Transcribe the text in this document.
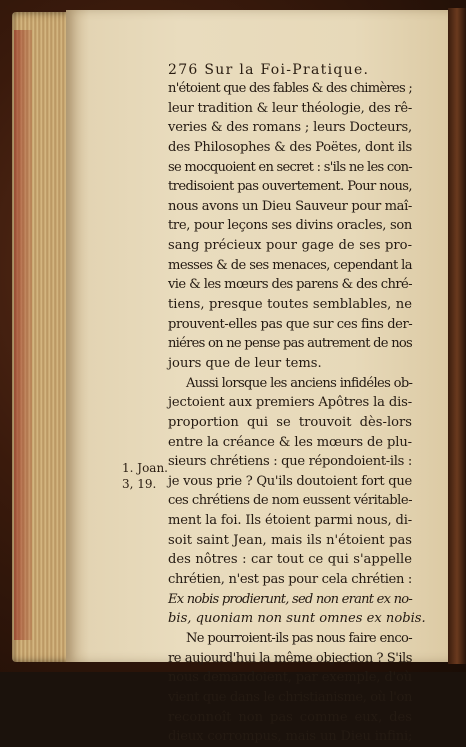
276 Sur la Foi-Pratique.
1. Joan.
3, 19.
n'étoient que des fables & des chimères ;
leur tradition & leur théologie, des rê-
veries & des romans ; leurs Docteurs,
des Philosophes & des Poëtes, dont ils
se mocquoient en secret : s'ils ne les con-
tredisoient pas ouvertement. Pour nous,
nous avons un Dieu Sauveur pour maî-
tre, pour leçons ses divins oracles, son
sang précieux pour gage de ses pro-
messes & de ses menaces, cependant la
vie & les mœurs des parens & des chré-
tiens, presque toutes semblables, ne
prouvent-elles pas que sur ces fins der-
niéres on ne pense pas autrement de nos
jours que de leur tems.
Aussi lorsque les anciens infidéles ob-
jectoient aux premiers Apôtres la dis-
proportion qui se trouvoit dès-lors
entre la créance & les mœurs de plu-
sieurs chrétiens : que répondoient-ils :
je vous prie ? Qu'ils doutoient fort que
ces chrétiens de nom eussent véritable-
ment la foi. Ils étoient parmi nous, di-
soit saint Jean, mais ils n'étoient pas
des nôtres : car tout ce qui s'appelle
chrétien, n'est pas pour cela chrétien :
Ex nobis prodierunt, sed non erant ex no-
bis, quoniam non sunt omnes ex nobis.
Ne pourroient-ils pas nous faire enco-
re aujourd'hui la même objection ? S'ils
nous demandoient, par exemple, d'où
vient que dans le christianisme, où l'on
reconnoît non pas comme eux, des
dieux corrompus, mais un Dieu infini;
